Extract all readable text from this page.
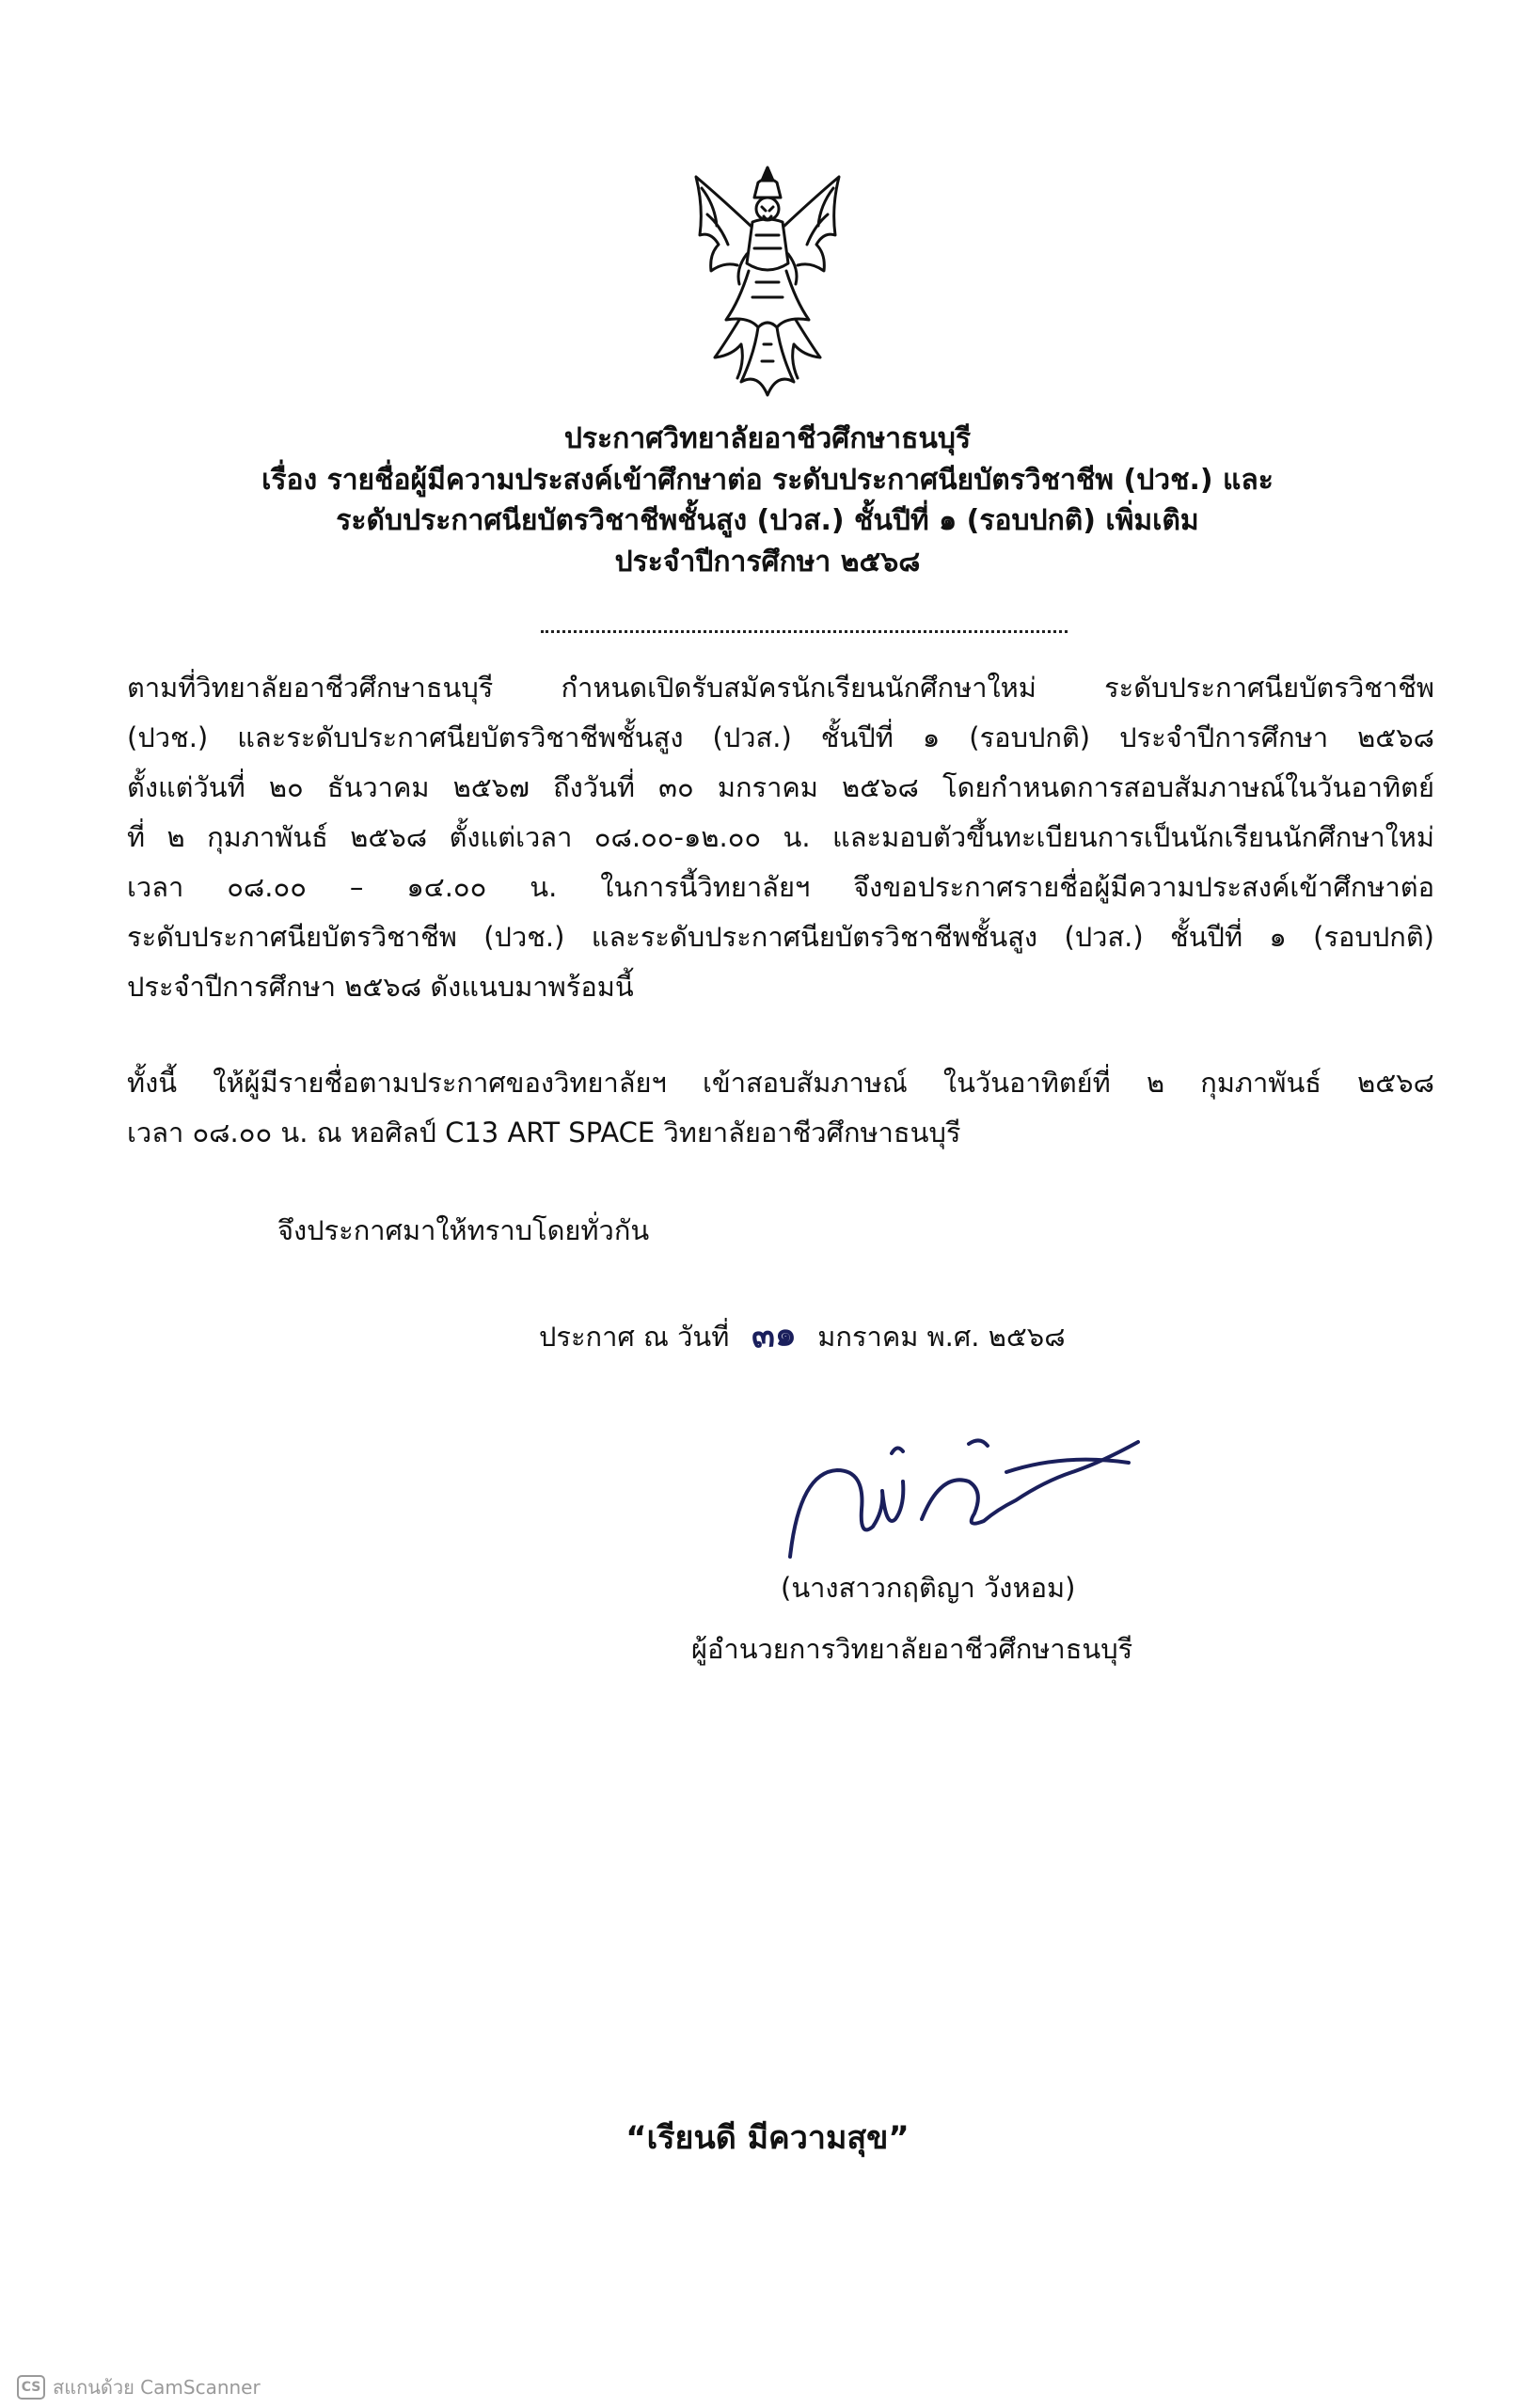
ประกาศวิทยาลัยอาชีวศึกษาธนบุรี
เรื่อง รายชื่อผู้มีความประสงค์เข้าศึกษาต่อ ระดับประกาศนียบัตรวิชาชีพ (ปวช.) และ
ระดับประกาศนียบัตรวิชาชีพชั้นสูง (ปวส.) ชั้นปีที่ ๑ (รอบปกติ) เพิ่มเติม
ประจำปีการศึกษา ๒๕๖๘
ตามที่วิทยาลัยอาชีวศึกษาธนบุรี กำหนดเปิดรับสมัครนักเรียนนักศึกษาใหม่ ระดับประกาศนียบัตรวิชาชีพ
(ปวช.) และระดับประกาศนียบัตรวิชาชีพชั้นสูง (ปวส.) ชั้นปีที่ ๑ (รอบปกติ) ประจำปีการศึกษา ๒๕๖๘
ตั้งแต่วันที่ ๒๐ ธันวาคม ๒๕๖๗ ถึงวันที่ ๓๐ มกราคม ๒๕๖๘ โดยกำหนดการสอบสัมภาษณ์ในวันอาทิตย์
ที่ ๒ กุมภาพันธ์ ๒๕๖๘ ตั้งแต่เวลา ๐๘.๐๐-๑๒.๐๐ น. และมอบตัวขึ้นทะเบียนการเป็นนักเรียนนักศึกษาใหม่
เวลา ๐๘.๐๐ – ๑๔.๐๐ น. ในการนี้วิทยาลัยฯ จึงขอประกาศรายชื่อผู้มีความประสงค์เข้าศึกษาต่อ
ระดับประกาศนียบัตรวิชาชีพ (ปวช.) และระดับประกาศนียบัตรวิชาชีพชั้นสูง (ปวส.) ชั้นปีที่ ๑ (รอบปกติ)
ประจำปีการศึกษา ๒๕๖๘ ดังแนบมาพร้อมนี้
ทั้งนี้ ให้ผู้มีรายชื่อตามประกาศของวิทยาลัยฯ เข้าสอบสัมภาษณ์ ในวันอาทิตย์ที่ ๒ กุมภาพันธ์ ๒๕๖๘
เวลา ๐๘.๐๐ น. ณ หอศิลป์ C13 ART SPACE วิทยาลัยอาชีวศึกษาธนบุรี
จึงประกาศมาให้ทราบโดยทั่วกัน
ประกาศ ณ วันที่ ๓๑ มกราคม พ.ศ. ๒๕๖๘
(นางสาวกฤติญา วังหอม)
ผู้อำนวยการวิทยาลัยอาชีวศึกษาธนบุรี
“เรียนดี มีความสุข”
CS สแกนด้วย CamScanner
